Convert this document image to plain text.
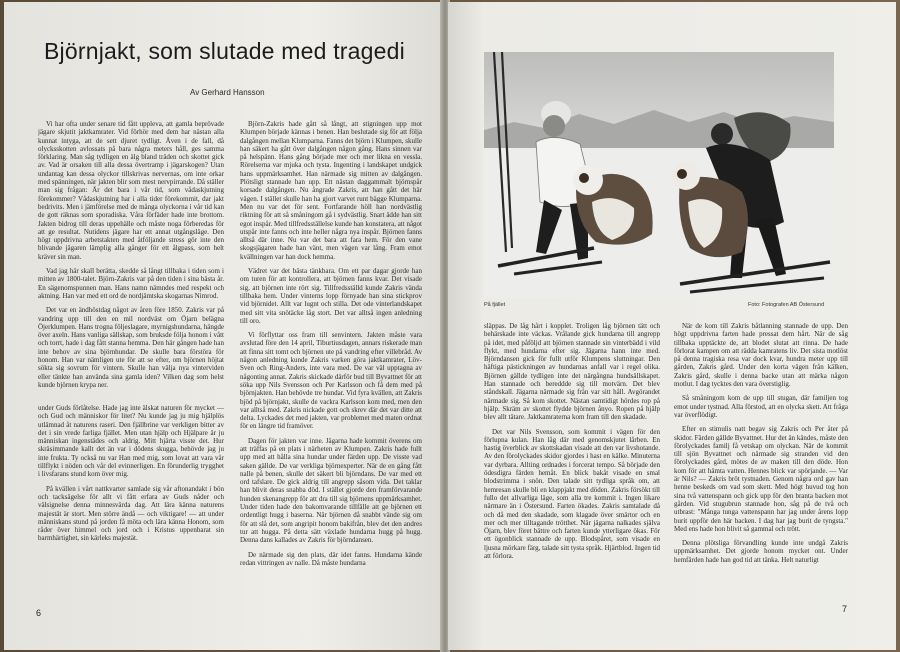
Björnjakt, som slutade med tragedi
Av Gerhard Hansson

Vi har ofta under senare tid fått uppleva, att gamla beprövade jägare skjutit jaktkamrater. Vid förhör med dem har nästan alla kunnat intyga, att de sett djuret tydligt. Även i de fall, då olycksskotten avlossats på bara några meters håll, ges samma förklaring. Man såg tydligen en älg bland träden och skottet gick av. Vad är orsaken till alla dessa övertramp i jägarskogen? Utan undantag kan dessa olyckor tillskrivas nervernas, om inte orkar med spänningen, när jakten blir som mest nervpirrande. Då ställer man sig frågan: Är det bara i vår tid, som vådaskjutning förekommer? Vådaskjutning har i alla tider förekommit, dar jakt bedrivits. Men i jämförelse med de många olyckorna i vår tid kan de gott räknas som sporadiska. Våra förfäder hade inte brottom. Jakten bidrog till deras uppehälle och måste noga förberedas för att ge resultat. Nutidens jägare har ett annat utgångsläge. Den högt uppdrivna arbetstakten med åtföljande stress gör inte den blivande jägaren lämplig alla gånger för ett ålgpass, som helt kräver sin man.

Vad jag här skall berätta, skedde så långt tillbaka i tiden som i mitten av 1800-talet. Björn-Zakris var på den tiden i sina bästa år. En sägenomspunnen man. Hans namn nämndes med respekt och aktning. Han var med ett ord de nordjämtska skogarnas Nimrod.

Det var en ändhöstdag något av åren före 1850. Zakris var på vandring upp till den en mil nordväst om Öjarn belägna Öjerklumpen. Hans trogna följeslagare, myrnigshundarna, hängde över axeln. Hans vanliga sällskap, som bruksde följa honom i vått och torrt, hade i dag fått stanna hemma. Den här gången hade han inte behov av sina björnhundar. De skulle bara förstöra för honom. Han var nämligen ute för att se efter, om björnen höjtat sökta sig sovrum för vintern. Skulle han välja nya vinterviden eller tänkte han använda sina gamla iden? Vilken dag som helst kunde björnen krypa ner.

under Guds förlåtelse. Hade jag inte älskat naturen för mycket — och Gud och människor för litet? Nu kunde jag ju mig hjälplös utlämnad åt naturens raseri. Den fjällbrine var verkligen bitter av det i sin vrede farliga fjället. Men utan hjälp och Hjälpare är ju människan ingenstädes och aldrig. Mitt hjärta visste det. Hur skräsimmande kallt det än var i dödens skugga, behövde jag ju inte frukta. Ty också nu var Han med mig, som lovat att vara vår tillflykt i nöden och vår del evinnerligen. En förunderlig trygghet i livsfarans stund kom över mig.

På kvällen i vårt nattkvarter samlade sig vår aftonandakt i bön och tacksägelse för allt vi fått erfara av Guds nåder och välsignelse denna minnesvärda dag. Att lära känna naturens majestät är stort. Men större ändå — och viktigare! — att under människans stund på jorden få möta och lära känna Honom, som råder över himmel och jord och i Kristus uppenbarat sin barmhärtighet, sin kärleks majestät.

Björn-Zakris hade gått så långt, att stigningen upp mot Klumpen började kännas i benen. Han beslutade sig för att följa dalgången mellan Klumparna. Fanns det björn i Klumpen, skulle han säkert ha gått över dalgången någon gång. Hans sinnen var på helspänn. Hans gång började mer och mer likna en vessla. Rörelserna var mjuka och tysta. Ingenting i landskapet undgick hans uppmärksamhet. Han närmade sig mitten av dalgången. Plötsligt stannade han upp. Ett nästan daggammalt björnspår korsade dalgången. Nu ångrade Zakris, att han gått det här vägen. I stället skulle han ha gjort varvet runt bägge Klumparna. Men nu var det för sent. Fortfarande höll han nordvästlig riktning för att så småningom gå i sydvästlig. Snart ädde han sitt egot inspår. Med tillfredsställelse kunde han konstatera, att något utspår inte fanns och inte heller några nya inspår. Björnen fanns alltså där inne. Nu var det bara att fara hem. För den vane skogsjägaren hade han vänt, men vägen var lång. Fram emot kvällningen var han dock hemma.

Vädret var det bästa tänkbara. Om ett par dagar gjorde han om turen för att kontrollera, att björnen fanns kvar. Det visade sig, att björnen inte rört sig. Tillfredsställd kunde Zakris vända tillbaka hem. Under vinterns lopp förnyade han sina stickprov vid björnidet. Allt var lugnt och stilla. Det ode vinterlandskapet med sitt vita snötäcke låg stort. Det var alltså ingen anledning till oro.

Vi förflyttar oss fram till senvintern. Jakten måste vara avslutad före den 14 april, Tiburtiusdagen, annars riskerade man att finna sitt tomt och björnen ute på vandring efter villebråd. Av någon anledning kunde Zakris varken göra jaktkamrater, Löv-Sven och Ring-Anders, inte vara med. De var väl upptagna av någonting annat. Zakris skickade därför bud till Byvattnet för att söka upp Nils Svensson och Per Karlsson och få dem med på björnjakten. Han behövde tre hundar. Vid fyra kvällen, att Zakris bjöd på björnjakt, skulle de vackra Karlsson kom med, men den var alltså med. Zakris nickade gott och skrev där det var ditte att delta. Lyckades det med jakten, var problemet med maten ordnat för en längre tid framöver.

Dagen för jakten var inne. Jägarna hade kommit överens om att träffas på en plats i närheten av Klumpen. Zakris hade fullt upp med att hålla sina hundar under färden upp. De visste vad saken gällde. De var verkliga björnexperter. När de en gång fått nalle på benen, skulle det säkert bli björndans. De var med ett ord tafslare. De gick aldrig till angrepp såsom vida. Det taklar han blivit deras snabba död. I stället gjorde den framförvarande hunden skenangrepp för att dra till sig björnens uppmärksamhet. Under tiden hade den bakomvarande tillfälle att ge björnen ett ordentligt hugg i baserna. När björnen då snabbt vände sig om för att slå det, som angripit honom bakifrån, blev det den andres tur att hugga. På detta sätt växlade hundarna hugg på hugg. Denna dans kallades av Zakris för björndansen.

De närmade sig den plats, där idet fanns. Hundarna kände redan vittringen av nalle. Då måste hundarna

6
På fjället	Foto: Fotografen AB Östersund

släppas. De låg hårt i kopplet. Troligen låg björnen tätt och behärskade inte väckas. Vrålande gick hundarna till angrepp på idet, med påföljd att björnen stannade sin vinterbädd i vild flykt, med hundarna efter sig. Jägarna hann inte med. Björndansen gick för fullt utför Klumpens sluttningar. Den häftiga pästickningen av hundarnas anfall var i regel olika. Björnen gällde tydligen inte det närgångna hundsällskapet. Han stannade och bereddde sig till motvärn. Det blev ståndskall. Jägarna närmade sig från var sitt håll. Avgörandet närmade sig. Så kom skottet. Nästan samtidigt hördes rop på hjälp. Skräm av skottet flydde björnen ånyo. Ropen på hjälp blev allt tätare. Jaktkamraterna kom fram till den skadade.

Det var Nils Svensson, som kommit i vägen för den förlupna kulan. Han låg där med genomskjutet lårben. En hastig överblick av skottskadan visade att den var livshotande. Av den förolyckades skidor gjordes i hast en kälke. Minuterna var dyrbara. Allting ordnades i forcerat tempo. Så började den ödesdigra färden hemåt. En blick bakåt visade en smal blodstrimma i snön. Den talade sitt tydliga språk om, att hemresan skulle bli en klappjakt med döden. Zakris försökt till fullo det allvarliga läge, som alla tre kommit i. Ingen likare närmare än i Östersund. Farten ökades. Zakris samtalade då och då med den skadade, som klagade över smärtor och en mer och mer tilltagande trötthet. När jägarna nalkades själva Öjarn, blev föret bättre och farten kunde ytterligare ökas. För ett ögonblick stannade de upp. Blodspåret, som visade en ljusna mörkare färg, talade sitt tysta språk. Hjärtblod. Ingen tid att förlora.

När de kom till Zakris båtlanning stannade de upp. Den högt uppdrivna farten hade pressat dem hårt. När de såg tillbaka upptäckte de, att blodet slutat att rinna. De hade förlorat kampen om att rädda kamratens liv. Det sista motlöst på denna tragiska resa var dock kvar, hundra meter upp till gården, Zakris gård. Under den korta vägen från kälken, Zakris gård, skulle i denna backe utan att märka någon motlut. I dag tycktes den vara överstiglig.

Så småningom kom de upp till stugan, där familjen tog emot under tystnad. Alla förstod, att en olycka skett. Att fråga var överflödigt.

Efter en stimulis natt begav sig Zakris och Per åter på skidor. Färden gällde Byvattnet. Hur det än kändes, måste den förolyckades familj få vetskap om olyckan. När de kommit till sjön Byvattnet och närmade sig stranden vid den förolyckades gård, mötes de av maken till den döde. Hon kom för att hämta vatten. Hennes blick var spörjande. — Var är Nils? — Zakris bröt tystnaden. Genom några ord gav han henne beskeds om vad som skett. Med högt huvud tog hon sina två vattenspann och gick upp för den branta backen mot gården. Vid stugubrun stannade hon, såg på de två och utbrast: "Många tunga vattenspann har jag under årens lopp burit uppför den här backen. I dag har jag burit de tyngsta." Med ens hade hon blivit så gammal och trött.

Denna plötsliga förvandling kunde inte undgå Zakris uppmärksamhet. Det gjorde honom mycket ont. Under hemfärden hade han god tid att tänka. Helt naturligt

7
